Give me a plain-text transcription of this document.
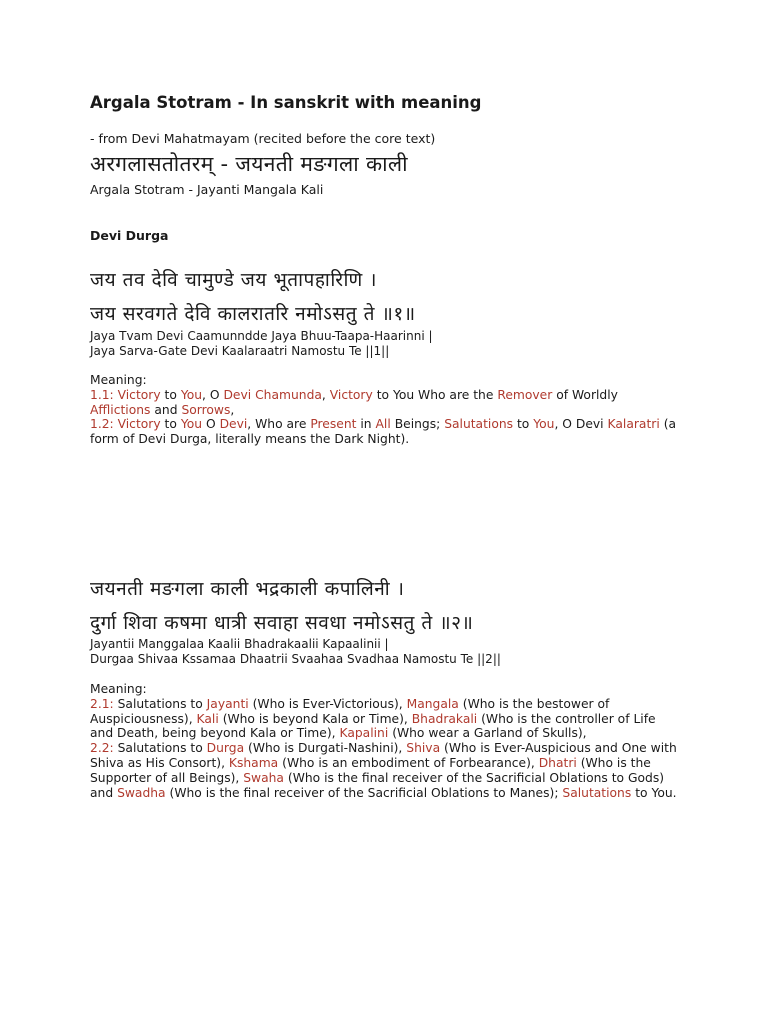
Argala Stotram - In sanskrit with meaning
- from Devi Mahatmayam (recited before the core text)
अरगलासतोतरम् - जयनती मङगला काली
Argala Stotram - Jayanti Mangala Kali
Devi Durga
जय तव देवि चामुण्डे जय भूतापहारिणि ।
जय सरवगते देवि कालरातरि नमोऽसतु ते ॥१॥
Jaya Tvam Devi Caamunndde Jaya Bhuu-Taapa-Haarinni |
Jaya Sarva-Gate Devi Kaalaraatri Namostu Te ||1||
Meaning:
1.1: Victory to You, O Devi Chamunda, Victory to You Who are the Remover of Worldly Afflictions and Sorrows,
1.2: Victory to You O Devi, Who are Present in All Beings; Salutations to You, O Devi Kalaratri (a form of Devi Durga, literally means the Dark Night).
जयनती मङगला काली भद्रकाली कपालिनी ।
दुर्गा शिवा कषमा धात्री सवाहा सवधा नमोऽसतु ते ॥२॥
Jayantii Manggalaa Kaalii Bhadrakaalii Kapaalinii |
Durgaa Shivaa Kssamaa Dhaatrii Svaahaa Svadhaa Namostu Te ||2||
Meaning:
2.1: Salutations to Jayanti (Who is Ever-Victorious), Mangala (Who is the bestower of Auspiciousness), Kali (Who is beyond Kala or Time), Bhadrakali (Who is the controller of Life and Death, being beyond Kala or Time), Kapalini (Who wear a Garland of Skulls),
2.2: Salutations to Durga (Who is Durgati-Nashini), Shiva (Who is Ever-Auspicious and One with Shiva as His Consort), Kshama (Who is an embodiment of Forbearance), Dhatri (Who is the Supporter of all Beings), Swaha (Who is the final receiver of the Sacrificial Oblations to Gods) and Swadha (Who is the final receiver of the Sacrificial Oblations to Manes); Salutations to You.
